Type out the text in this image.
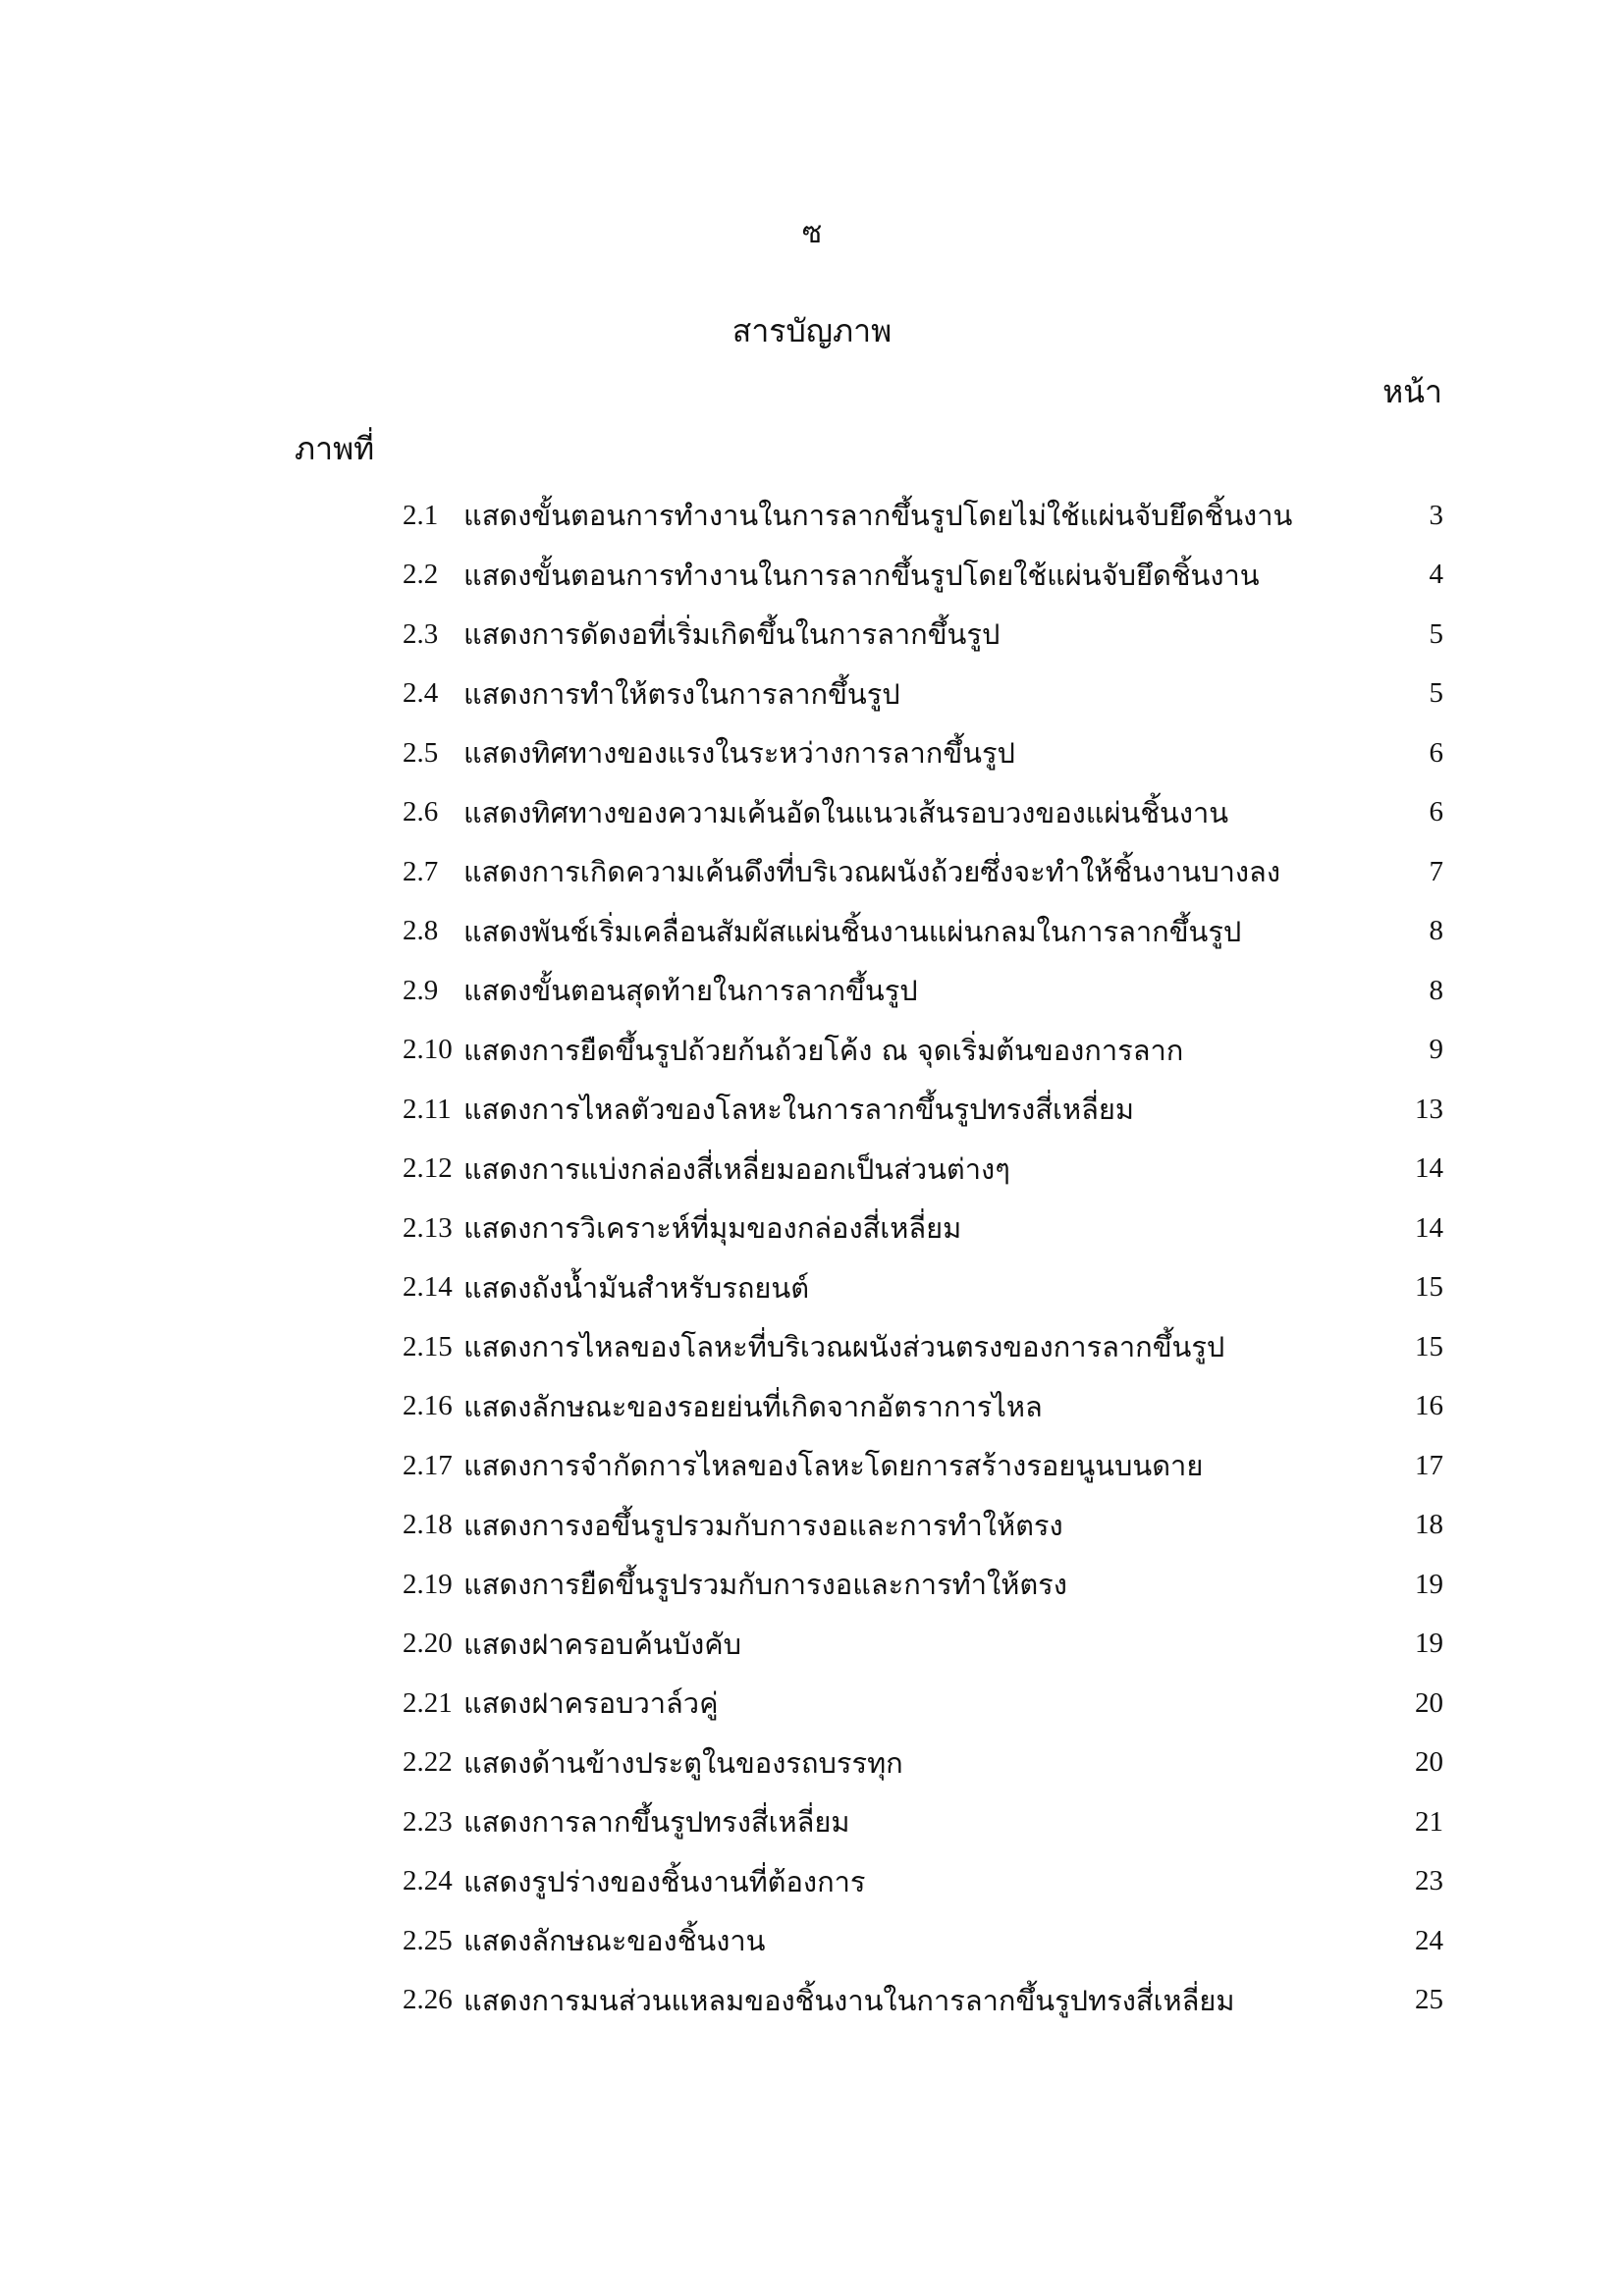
ซ
สารบัญภาพ
หน้า
ภาพที่
2.1 แสดงขั้นตอนการทำงานในการลากขึ้นรูปโดยไม่ใช้แผ่นจับยึดชิ้นงาน	3
2.2 แสดงขั้นตอนการทำงานในการลากขึ้นรูปโดยใช้แผ่นจับยึดชิ้นงาน	4
2.3 แสดงการดัดงอที่เริ่มเกิดขึ้นในการลากขึ้นรูป	5
2.4 แสดงการทำให้ตรงในการลากขึ้นรูป	5
2.5 แสดงทิศทางของแรงในระหว่างการลากขึ้นรูป	6
2.6 แสดงทิศทางของความเค้นอัดในแนวเส้นรอบวงของแผ่นชิ้นงาน	6
2.7 แสดงการเกิดความเค้นดึงที่บริเวณผนังถ้วยซึ่งจะทำให้ชิ้นงานบางลง	7
2.8 แสดงพันช์เริ่มเคลื่อนสัมผัสแผ่นชิ้นงานแผ่นกลมในการลากขึ้นรูป	8
2.9 แสดงขั้นตอนสุดท้ายในการลากขึ้นรูป	8
2.10 แสดงการยืดขึ้นรูปถ้วยก้นถ้วยโค้ง ณ จุดเริ่มต้นของการลาก	9
2.11 แสดงการไหลตัวของโลหะในการลากขึ้นรูปทรงสี่เหลี่ยม	13
2.12 แสดงการแบ่งกล่องสี่เหลี่ยมออกเป็นส่วนต่างๆ	14
2.13 แสดงการวิเคราะห์ที่มุมของกล่องสี่เหลี่ยม	14
2.14 แสดงถังน้ำมันสำหรับรถยนต์	15
2.15 แสดงการไหลของโลหะที่บริเวณผนังส่วนตรงของการลากขึ้นรูป	15
2.16 แสดงลักษณะของรอยย่นที่เกิดจากอัตราการไหล	16
2.17 แสดงการจำกัดการไหลของโลหะโดยการสร้างรอยนูนบนดาย	17
2.18 แสดงการงอขึ้นรูปรวมกับการงอและการทำให้ตรง	18
2.19 แสดงการยืดขึ้นรูปรวมกับการงอและการทำให้ตรง	19
2.20 แสดงฝาครอบค้นบังคับ	19
2.21 แสดงฝาครอบวาล์วคู่	20
2.22 แสดงด้านข้างประตูในของรถบรรทุก	20
2.23 แสดงการลากขึ้นรูปทรงสี่เหลี่ยม	21
2.24 แสดงรูปร่างของชิ้นงานที่ต้องการ	23
2.25 แสดงลักษณะของชิ้นงาน	24
2.26 แสดงการมนส่วนแหลมของชิ้นงานในการลากขึ้นรูปทรงสี่เหลี่ยม	25
